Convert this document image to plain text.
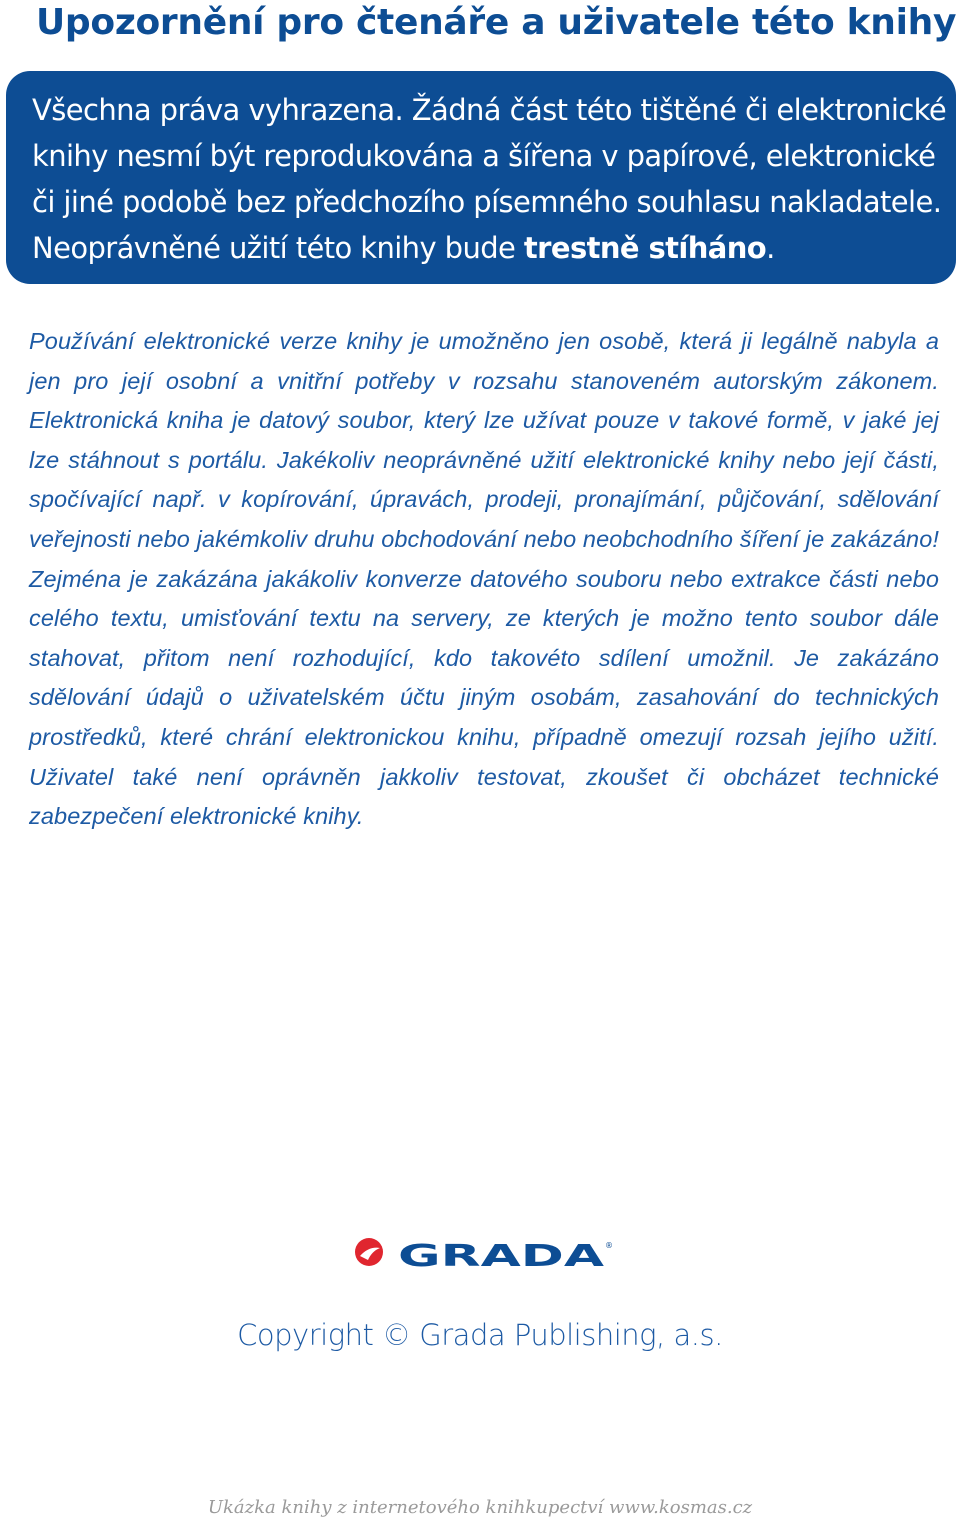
Upozornění pro čtenáře a uživatele této knihy
Všechna práva vyhrazena. Žádná část této tištěné či elektronické
knihy nesmí být reprodukována a šířena v papírové, elektronické
či jiné podobě bez předchozího písemného souhlasu nakladatele.
Neoprávněné užití této knihy bude trestně stíháno.
Používání elektronické verze knihy je umožněno jen osobě, která ji legálně nabyla a jen pro její osobní a vnitřní potřeby v rozsahu stanoveném autorským zákonem. Elektronická kniha je datový soubor, který lze užívat pouze v takové formě, v jaké jej lze stáhnout s portálu. Jakékoliv neoprávněné užití elektronické knihy nebo její části, spočívající např. v kopírování, úpravách, prodeji, pronajímání, půjčování, sdělování veřejnosti nebo jakémkoliv druhu obchodování nebo neobchodního šíření je zakázáno! Zejména je zakázána jakákoliv konverze datového souboru nebo extrakce části nebo celého textu, umisťování textu na servery, ze kterých je možno tento soubor dále stahovat, přitom není rozhodující, kdo takovéto sdílení umožnil. Je zakázáno sdělování údajů o uživatelském účtu jiným osobám, zasahování do technických prostředků, které chrání elektronickou knihu, případně omezují rozsah jejího užití. Uživatel také není oprávněn jakkoliv testovat, zkoušet či obcházet technické zabezpečení elektronické knihy.
GRADA ®
Copyright © Grada Publishing, a.s.
Ukázka knihy z internetového knihkupectví www.kosmas.cz
